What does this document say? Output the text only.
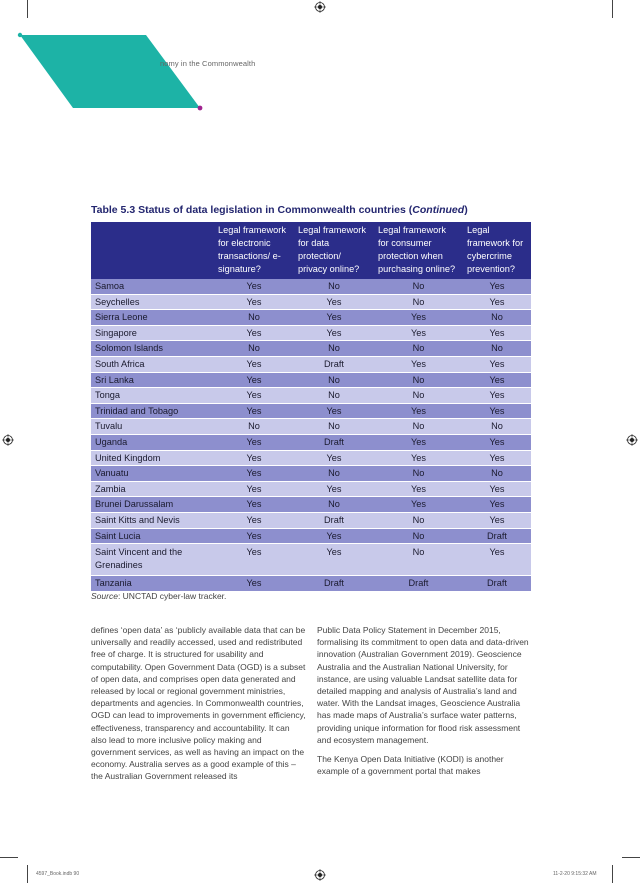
nomy in the Commonwealth
Table 5.3 Status of data legislation in Commonwealth countries (Continued)
	Legal framework for electronic transactions/ e-signature?	Legal framework for data protection/ privacy online?	Legal framework for consumer protection when purchasing online?	Legal framework for cybercrime prevention?
Samoa	Yes	No	No	Yes
Seychelles	Yes	Yes	No	Yes
Sierra Leone	No	Yes	Yes	No
Singapore	Yes	Yes	Yes	Yes
Solomon Islands	No	No	No	No
South Africa	Yes	Draft	Yes	Yes
Sri Lanka	Yes	No	No	Yes
Tonga	Yes	No	No	Yes
Trinidad and Tobago	Yes	Yes	Yes	Yes
Tuvalu	No	No	No	No
Uganda	Yes	Draft	Yes	Yes
United Kingdom	Yes	Yes	Yes	Yes
Vanuatu	Yes	No	No	No
Zambia	Yes	Yes	Yes	Yes
Brunei Darussalam	Yes	No	Yes	Yes
Saint Kitts and Nevis	Yes	Draft	No	Yes
Saint Lucia	Yes	Yes	No	Draft
Saint Vincent and the Grenadines	Yes	Yes	No	Yes
Tanzania	Yes	Draft	Draft	Draft
Source: UNCTAD cyber-law tracker.

defines ‘open data’ as ‘publicly available data that can be universally and readily accessed, used and redistributed free of charge. It is structured for usability and computability. Open Government Data (OGD) is a subset of open data, and comprises open data generated and released by local or regional government ministries, departments and agencies. In Commonwealth countries, OGD can lead to improvements in government efficiency, effectiveness, transparency and accountability. It can also lead to more inclusive policy making and government services, as well as having an impact on the economy. Australia serves as a good example of this – the Australian Government released its

Public Data Policy Statement in December 2015, formalising its commitment to open data and data-driven innovation (Australian Government 2019). Geoscience Australia and the Australian National University, for instance, are using valuable Landsat satellite data for detailed mapping and analysis of Australia’s land and water. With the Landsat images, Geoscience Australia has made maps of Australia’s surface water patterns, providing unique information for flood risk assessment and ecosystem management.

The Kenya Open Data Initiative (KODI) is another example of a government portal that makes

4597_Book.indb 90	11-2-20 9:15:32 AM
